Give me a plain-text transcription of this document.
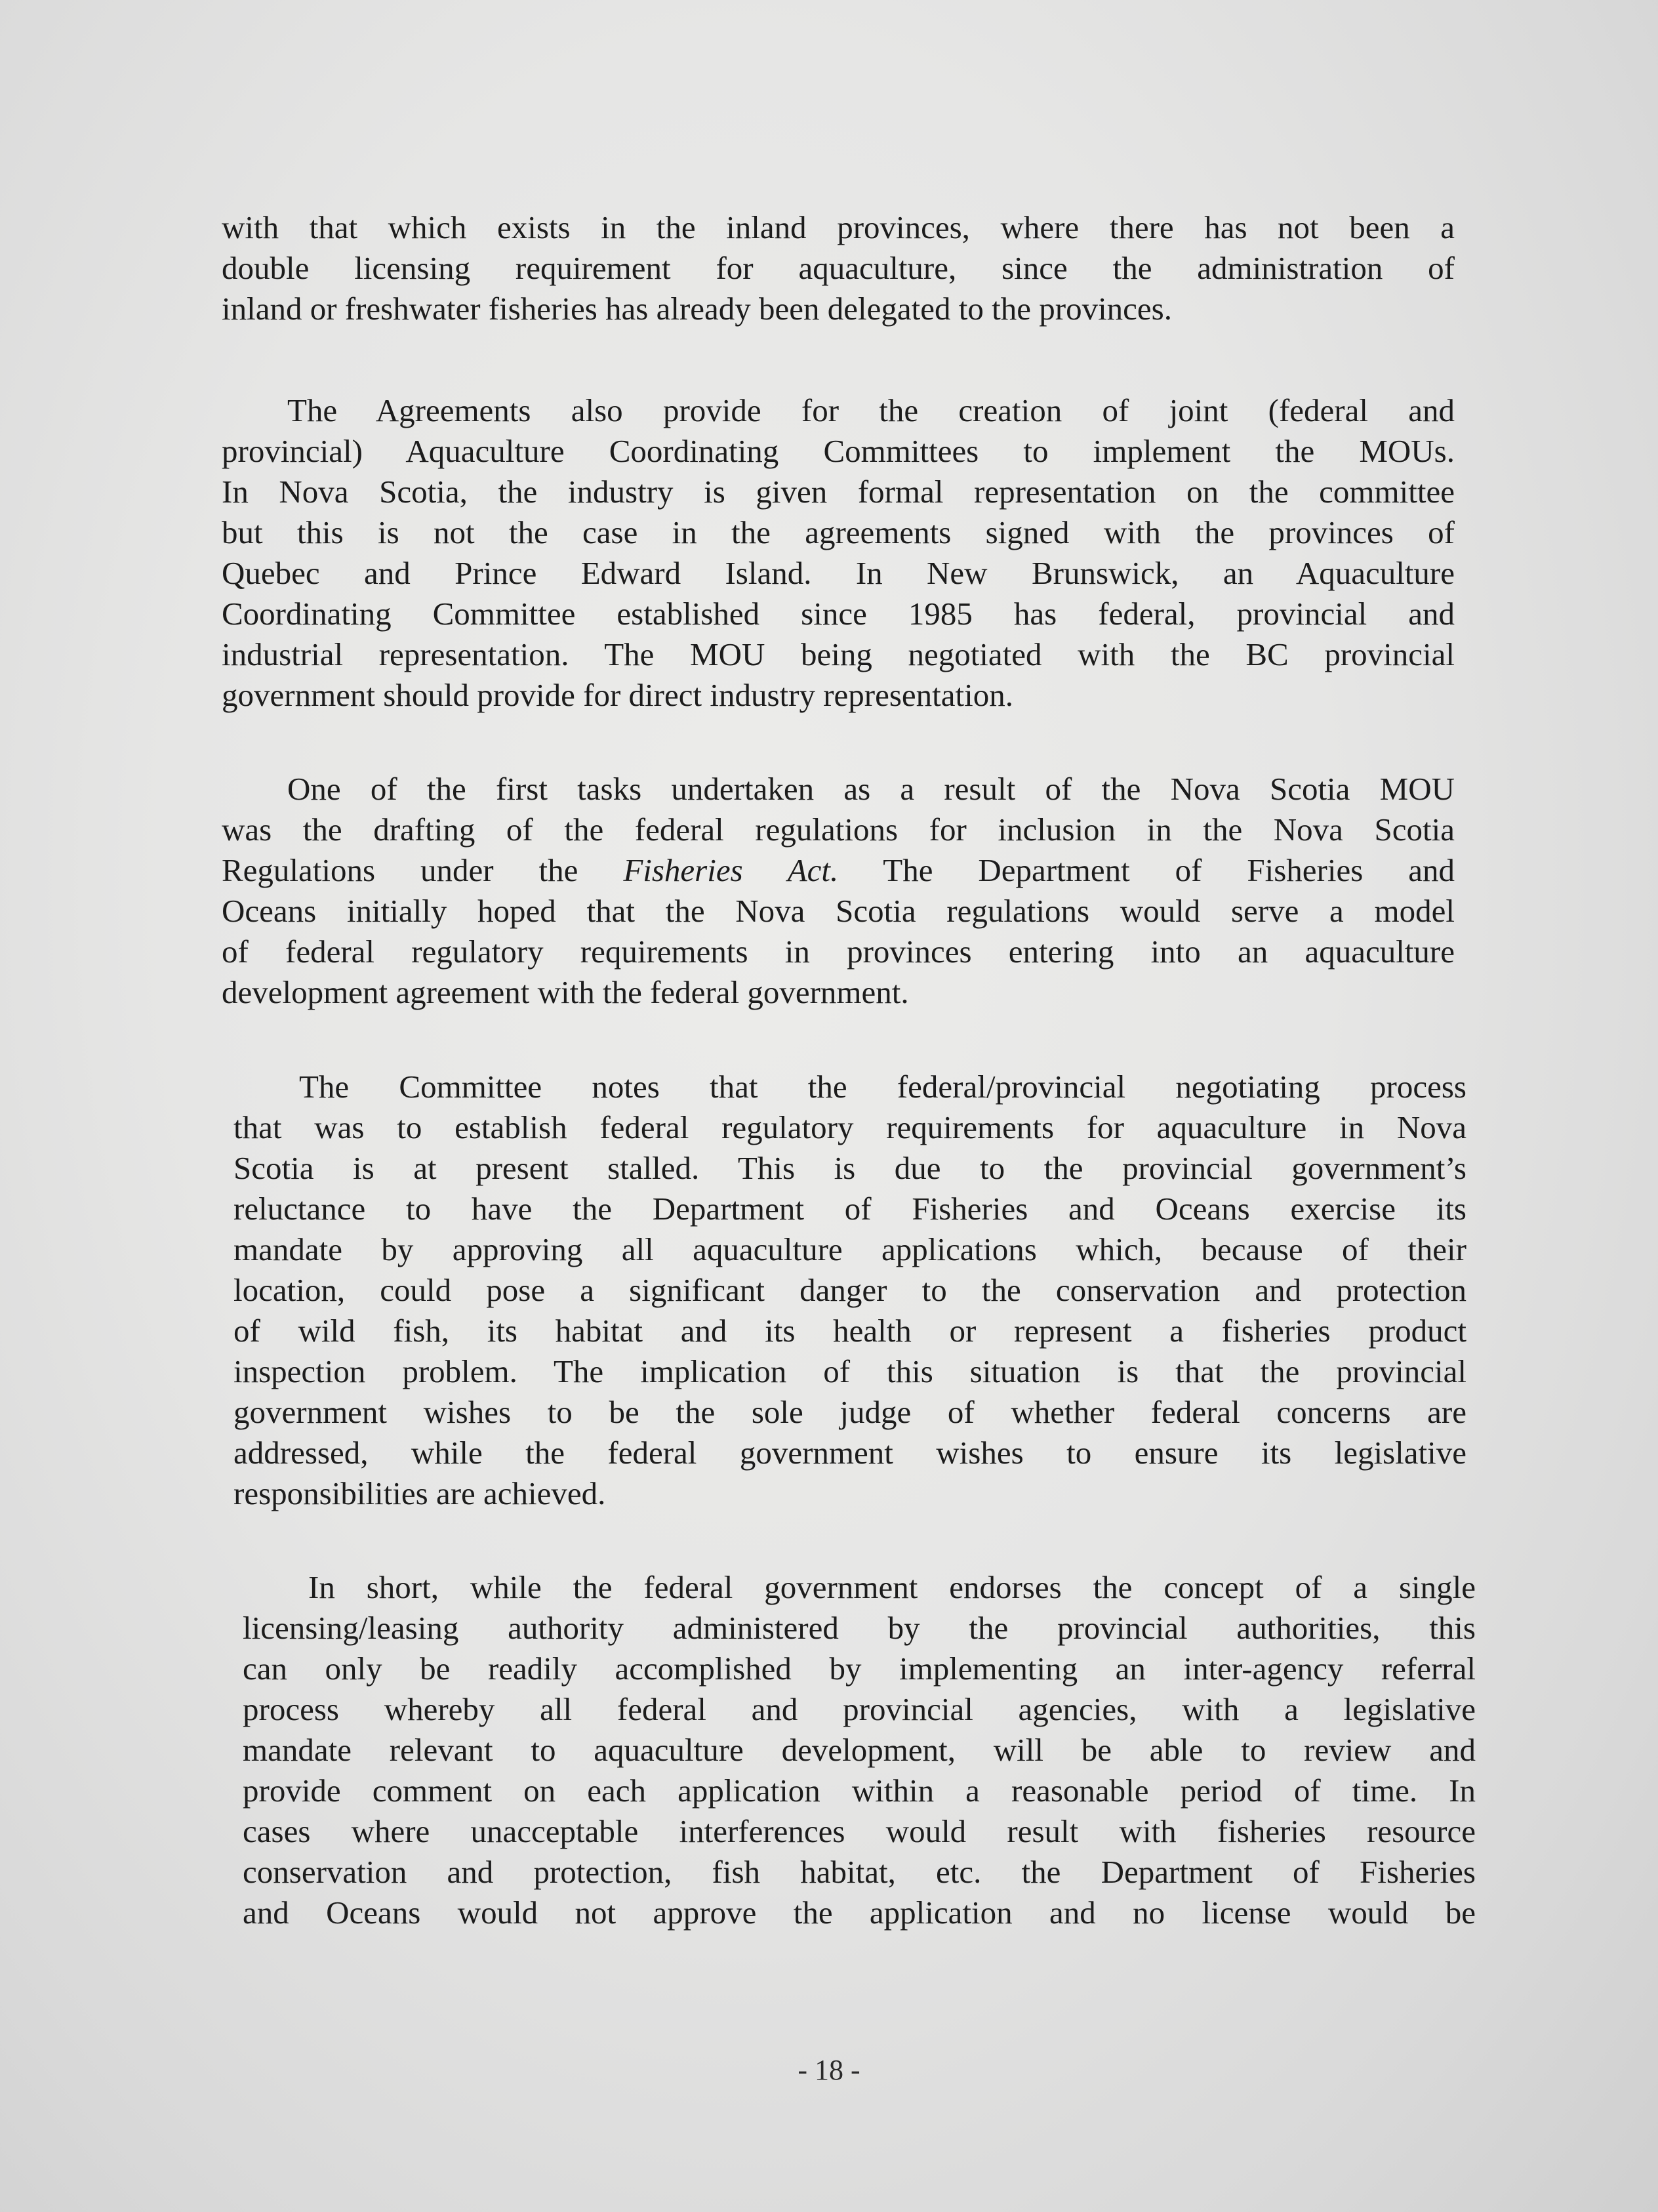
with that which exists in the inland provinces, where there has not been a

double licensing requirement for aquaculture, since the administration of

inland or freshwater fisheries has already been delegated to the provinces.

The Agreements also provide for the creation of joint (federal and

provincial) Aquaculture Coordinating Committees to implement the MOUs.

In Nova Scotia, the industry is given formal representation on the committee

but this is not the case in the agreements signed with the provinces of

Quebec and Prince Edward Island. In New Brunswick, an Aquaculture

Coordinating Committee established since 1985 has federal, provincial and

industrial representation. The MOU being negotiated with the BC provincial

government should provide for direct industry representation.

One of the first tasks undertaken as a result of the Nova Scotia MOU

was the drafting of the federal regulations for inclusion in the Nova Scotia

Regulations under the Fisheries Act. The Department of Fisheries and

Oceans initially hoped that the Nova Scotia regulations would serve a model

of federal regulatory requirements in provinces entering into an aquaculture

development agreement with the federal government.

The Committee notes that the federal/provincial negotiating process

that was to establish federal regulatory requirements for aquaculture in Nova

Scotia is at present stalled. This is due to the provincial government’s

reluctance to have the Department of Fisheries and Oceans exercise its

mandate by approving all aquaculture applications which, because of their

location, could pose a significant danger to the conservation and protection

of wild fish, its habitat and its health or represent a fisheries product

inspection problem. The implication of this situation is that the provincial

government wishes to be the sole judge of whether federal concerns are

addressed, while the federal government wishes to ensure its legislative

responsibilities are achieved.

In short, while the federal government endorses the concept of a single

licensing/leasing authority administered by the provincial authorities, this

can only be readily accomplished by implementing an inter-agency referral

process whereby all federal and provincial agencies, with a legislative

mandate relevant to aquaculture development, will be able to review and

provide comment on each application within a reasonable period of time. In

cases where unacceptable interferences would result with fisheries resource

conservation and protection, fish habitat, etc. the Department of Fisheries

and Oceans would not approve the application and no license would be

- 18 -
